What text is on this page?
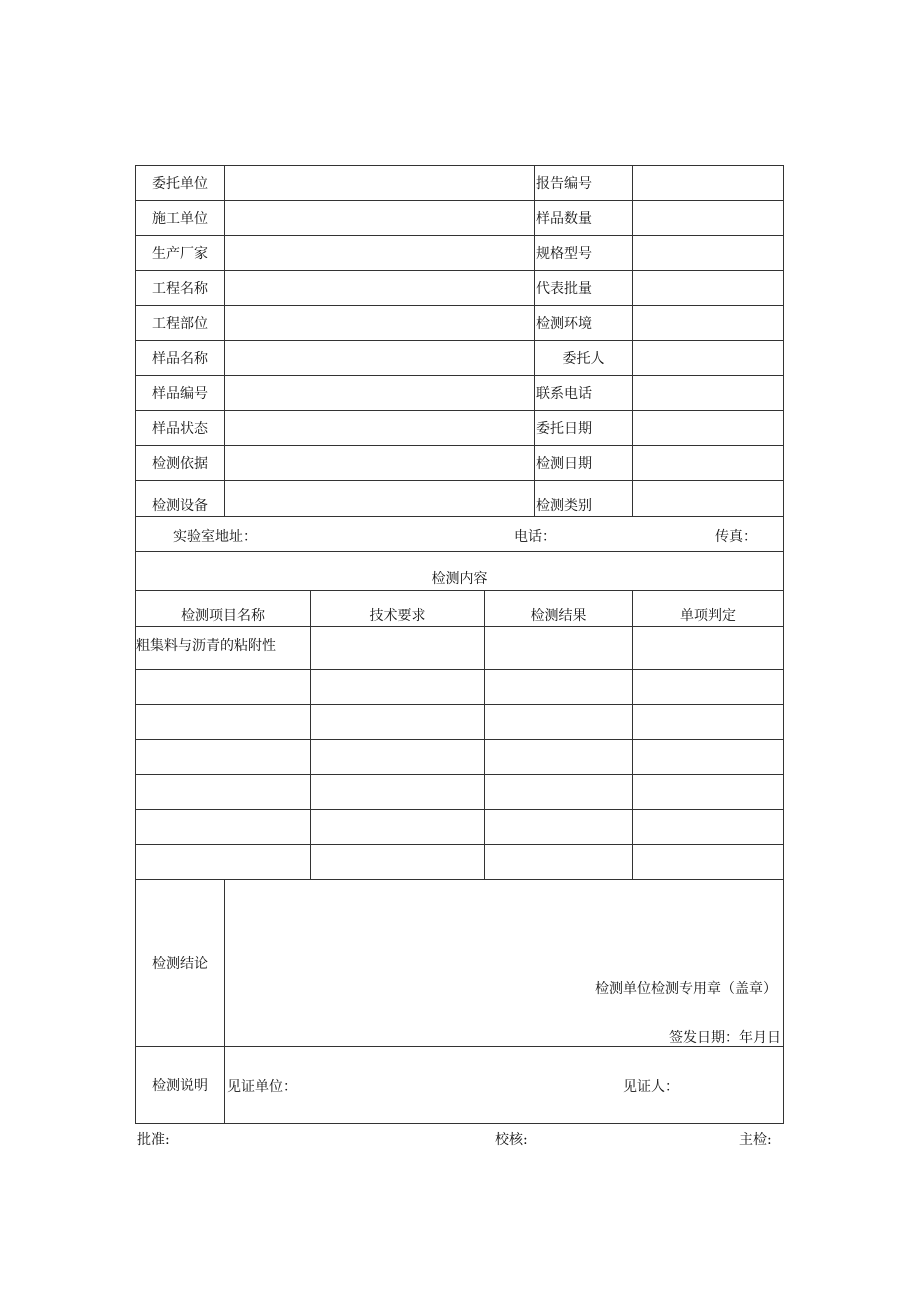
委托单位				报告编号	
施工单位				样品数量	
生产厂家				规格型号	
工程名称				代表批量	
工程部位				检测环境	
样品名称				委托人	
样品编号				联系电话	
样品状态				委托日期	
检测依据				检测日期	
检测设备				检测类别	

实验室地址： 电话： 传真：					

检测内容					
检测项目名称		技术要求	检测结果		单项判定
粗集料与沥青的粘附性					

检测结论	检测单位检测专用章（盖章）
签发日期：年月日				

检测说明	见证单位： 见证人：				
批准:	校核:	主检:
